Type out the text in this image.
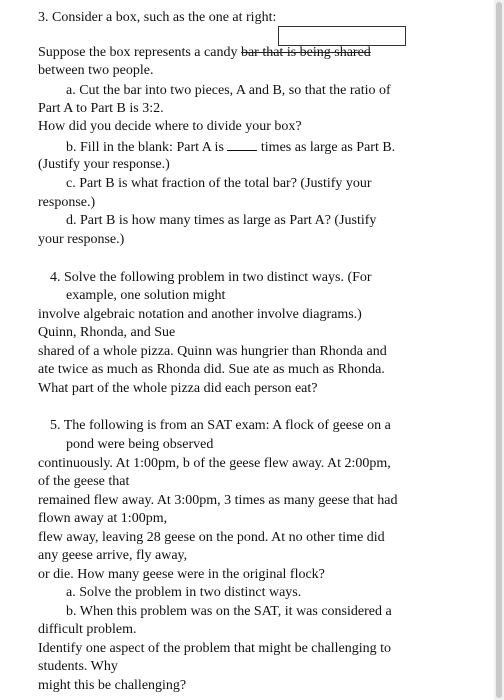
3. Consider a box, such as the one at right:
Suppose the box represents a candy bar that is being shared
between two people.
a. Cut the bar into two pieces, A and B, so that the ratio of
Part A to Part B is 3:2.
How did you decide where to divide your box?
b. Fill in the blank: Part A is  times as large as Part B.
(Justify your response.)
c. Part B is what fraction of the total bar? (Justify your
response.)
d. Part B is how many times as large as Part A? (Justify
your response.)
4. Solve the following problem in two distinct ways. (For
example, one solution might
involve algebraic notation and another involve diagrams.)
Quinn, Rhonda, and Sue
shared of a whole pizza. Quinn was hungrier than Rhonda and
ate twice as much as Rhonda did. Sue ate as much as Rhonda.
What part of the whole pizza did each person eat?
5. The following is from an SAT exam: A flock of geese on a
pond were being observed
continuously. At 1:00pm, b of the geese flew away. At 2:00pm,
of the geese that
remained flew away. At 3:00pm, 3 times as many geese that had
flown away at 1:00pm,
flew away, leaving 28 geese on the pond. At no other time did
any geese arrive, fly away,
or die. How many geese were in the original flock?
a. Solve the problem in two distinct ways.
b. When this problem was on the SAT, it was considered a
difficult problem.
Identify one aspect of the problem that might be challenging to
students. Why
might this be challenging?
